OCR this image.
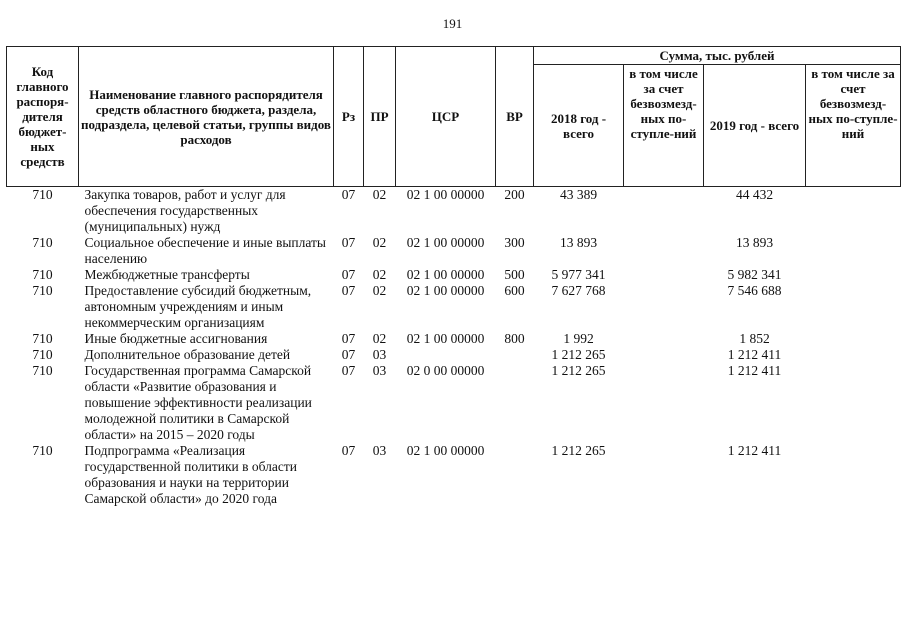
191
Код главного распоря-дителя бюджет-ных средств	Наименование главного распорядителя средств областного бюджета, раздела, подраздела, целевой статьи, группы видов расходов	Рз	ПР	ЦСР	ВР	Сумма, тыс. рублей			
						2018 год - всего	в том числе за счет безвозмезд-ных по-ступле-ний	2019 год - всего	в том числе за счет безвозмезд-ных по-ступле-ний
710	Закупка товаров, работ и услуг для обеспечения государственных (муниципальных) нужд	07	02	02 1 00 00000	200	43 389		44 432	
710	Социальное обеспечение и иные выплаты населению	07	02	02 1 00 00000	300	13 893		13 893	
710	Межбюджетные трансферты	07	02	02 1 00 00000	500	5 977 341		5 982 341	
710	Предоставление субсидий бюджетным, автономным учреждениям и иным некоммерческим организациям	07	02	02 1 00 00000	600	7 627 768		7 546 688	
710	Иные бюджетные ассигнования	07	02	02 1 00 00000	800	1 992		1 852	
710	Дополнительное образование детей	07	03			1 212 265		1 212 411	
710	Государственная программа Самарской области «Развитие образования и повышение эффективности реализации молодежной политики в Самарской области» на 2015 – 2020 годы	07	03	02 0 00 00000		1 212 265		1 212 411	
710	Подпрограмма «Реализация государственной политики в области образования и науки на территории Самарской области» до 2020 года	07	03	02 1 00 00000		1 212 265		1 212 411	
